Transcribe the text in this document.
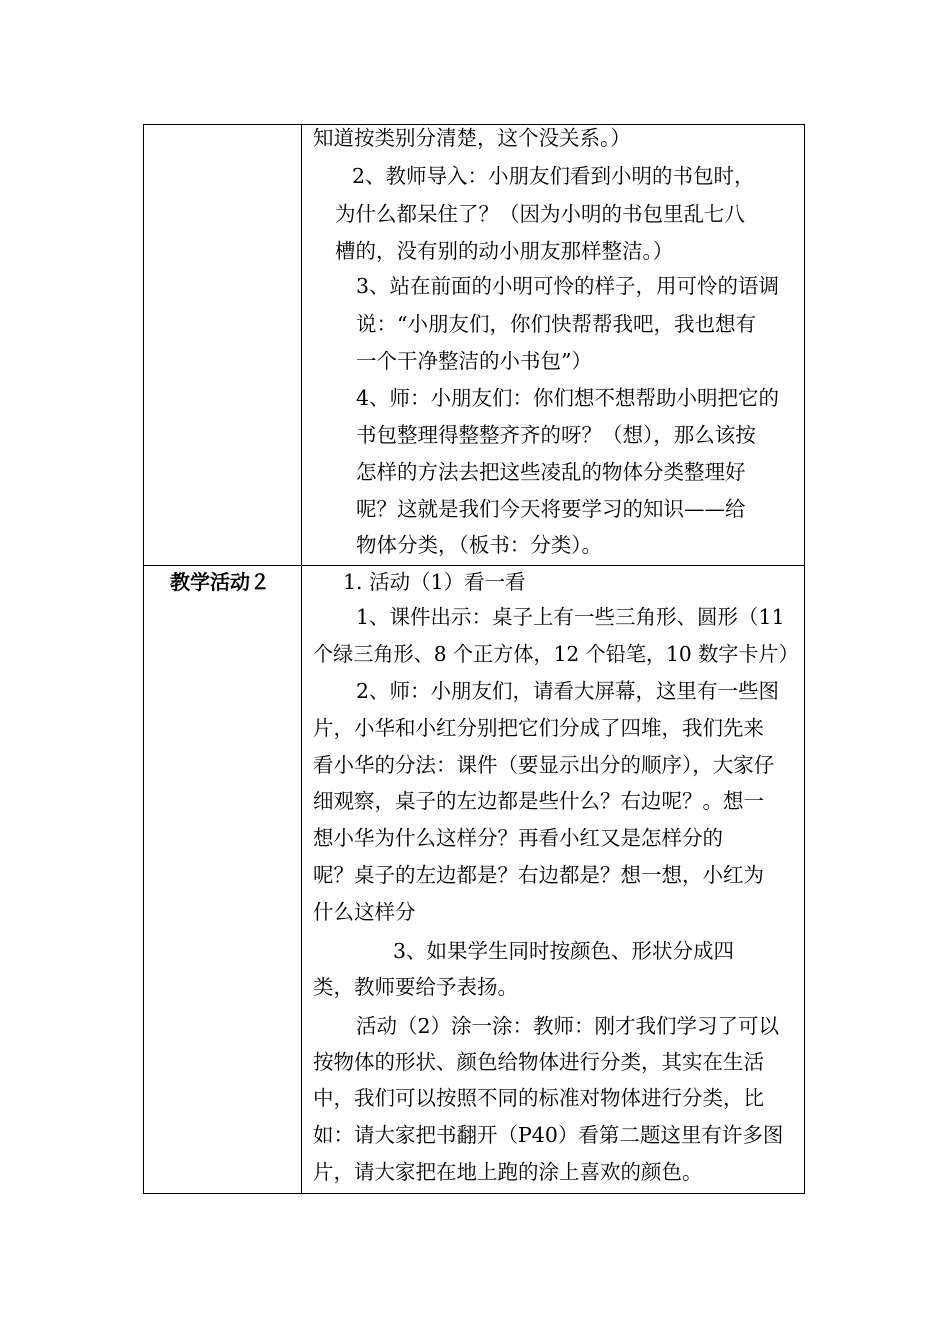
知道按类别分清楚，这个没关系。）
2、教师导入：小朋友们看到小明的书包时，
为什么都呆住了？（因为小明的书包里乱七八
槽的，没有别的动小朋友那样整洁。）
3、站在前面的小明可怜的样子，用可怜的语调
说：“小朋友们，你们快帮帮我吧，我也想有
一个干净整洁的小书包”）
4、师：小朋友们：你们想不想帮助小明把它的
书包整理得整整齐齐的呀？（想），那么该按
怎样的方法去把这些凌乱的物体分类整理好
呢？这就是我们今天将要学习的知识——给
物体分类，（板书：分类）。
教学活动２	1. 活动（1）看一看
1、课件出示：桌子上有一些三角形、圆形（11
个绿三角形、8 个正方体，12 个铅笔，10 数字卡片）
2、师：小朋友们，请看大屏幕，这里有一些图
片，小华和小红分别把它们分成了四堆，我们先来
看小华的分法：课件（要显示出分的顺序），大家仔
细观察，桌子的左边都是些什么？右边呢？。想一
想小华为什么这样分？再看小红又是怎样分的
呢？桌子的左边都是？右边都是？想一想，小红为
什么这样分
3、如果学生同时按颜色、形状分成四
类，教师要给予表扬。
活动（2）涂一涂：教师：刚才我们学习了可以
按物体的形状、颜色给物体进行分类，其实在生活
中，我们可以按照不同的标准对物体进行分类，比
如：请大家把书翻开（P40）看第二题这里有许多图
片，请大家把在地上跑的涂上喜欢的颜色。
